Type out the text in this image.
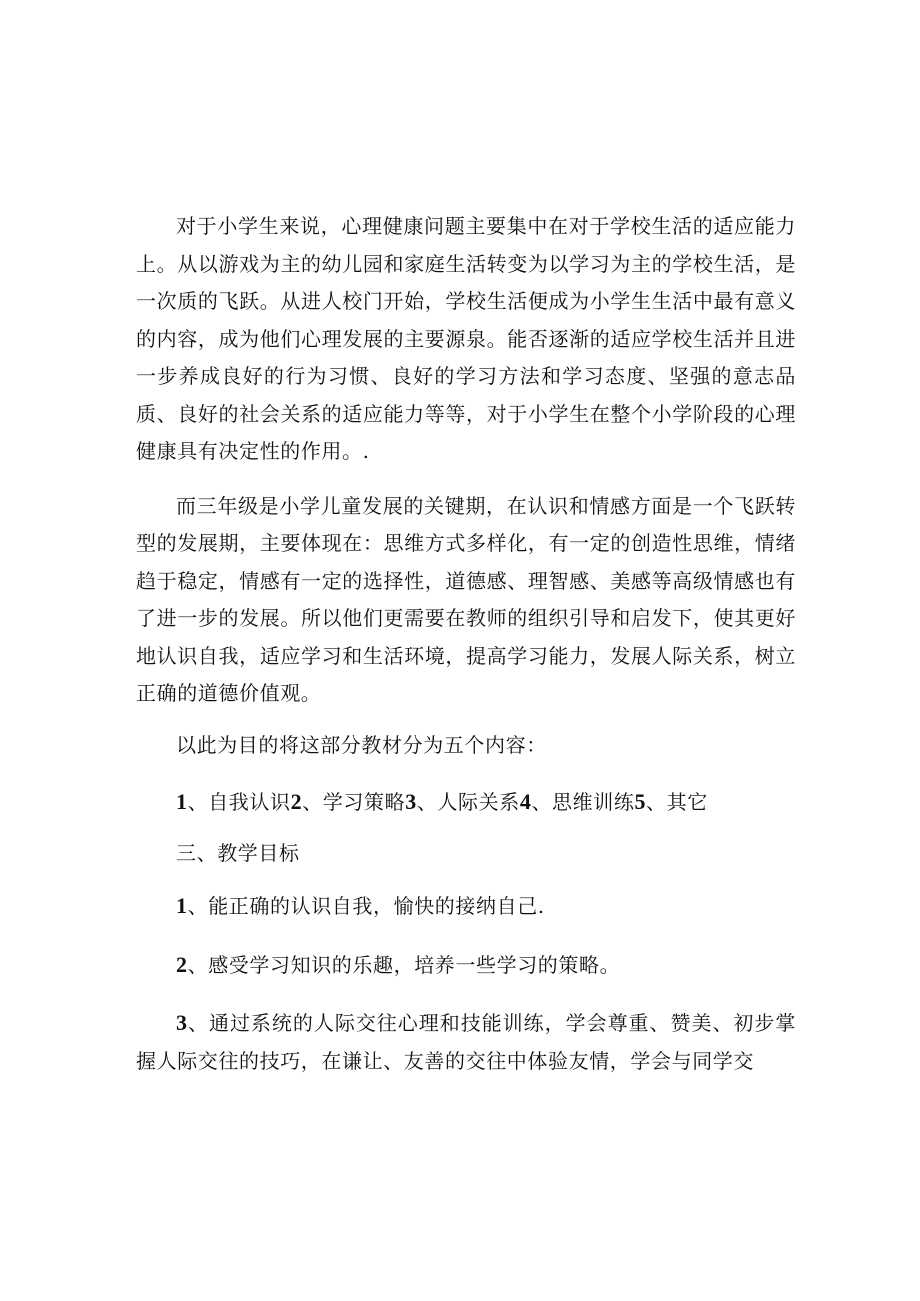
对于小学生来说，心理健康问题主要集中在对于学校生活的适应能力上。从以游戏为主的幼儿园和家庭生活转变为以学习为主的学校生活，是一次质的飞跃。从进人校门开始，学校生活便成为小学生生活中最有意义的内容，成为他们心理发展的主要源泉。能否逐渐的适应学校生活并且进一步养成良好的行为习惯、良好的学习方法和学习态度、坚强的意志品质、良好的社会关系的适应能力等等，对于小学生在整个小学阶段的心理健康具有决定性的作用。.

而三年级是小学儿童发展的关键期，在认识和情感方面是一个飞跃转型的发展期，主要体现在：思维方式多样化，有一定的创造性思维，情绪趋于稳定，情感有一定的选择性，道德感、理智感、美感等高级情感也有了进一步的发展。所以他们更需要在教师的组织引导和启发下，使其更好地认识自我，适应学习和生活环境，提高学习能力，发展人际关系，树立正确的道德价值观。

以此为目的将这部分教材分为五个内容：

1、自我认识2、学习策略3、人际关系4、思维训练5、其它

三、教学目标

1、能正确的认识自我，愉快的接纳自己.

2、感受学习知识的乐趣，培养一些学习的策略。

3、通过系统的人际交往心理和技能训练，学会尊重、赞美、初步掌握人际交往的技巧，在谦让、友善的交往中体验友情，学会与同学交
